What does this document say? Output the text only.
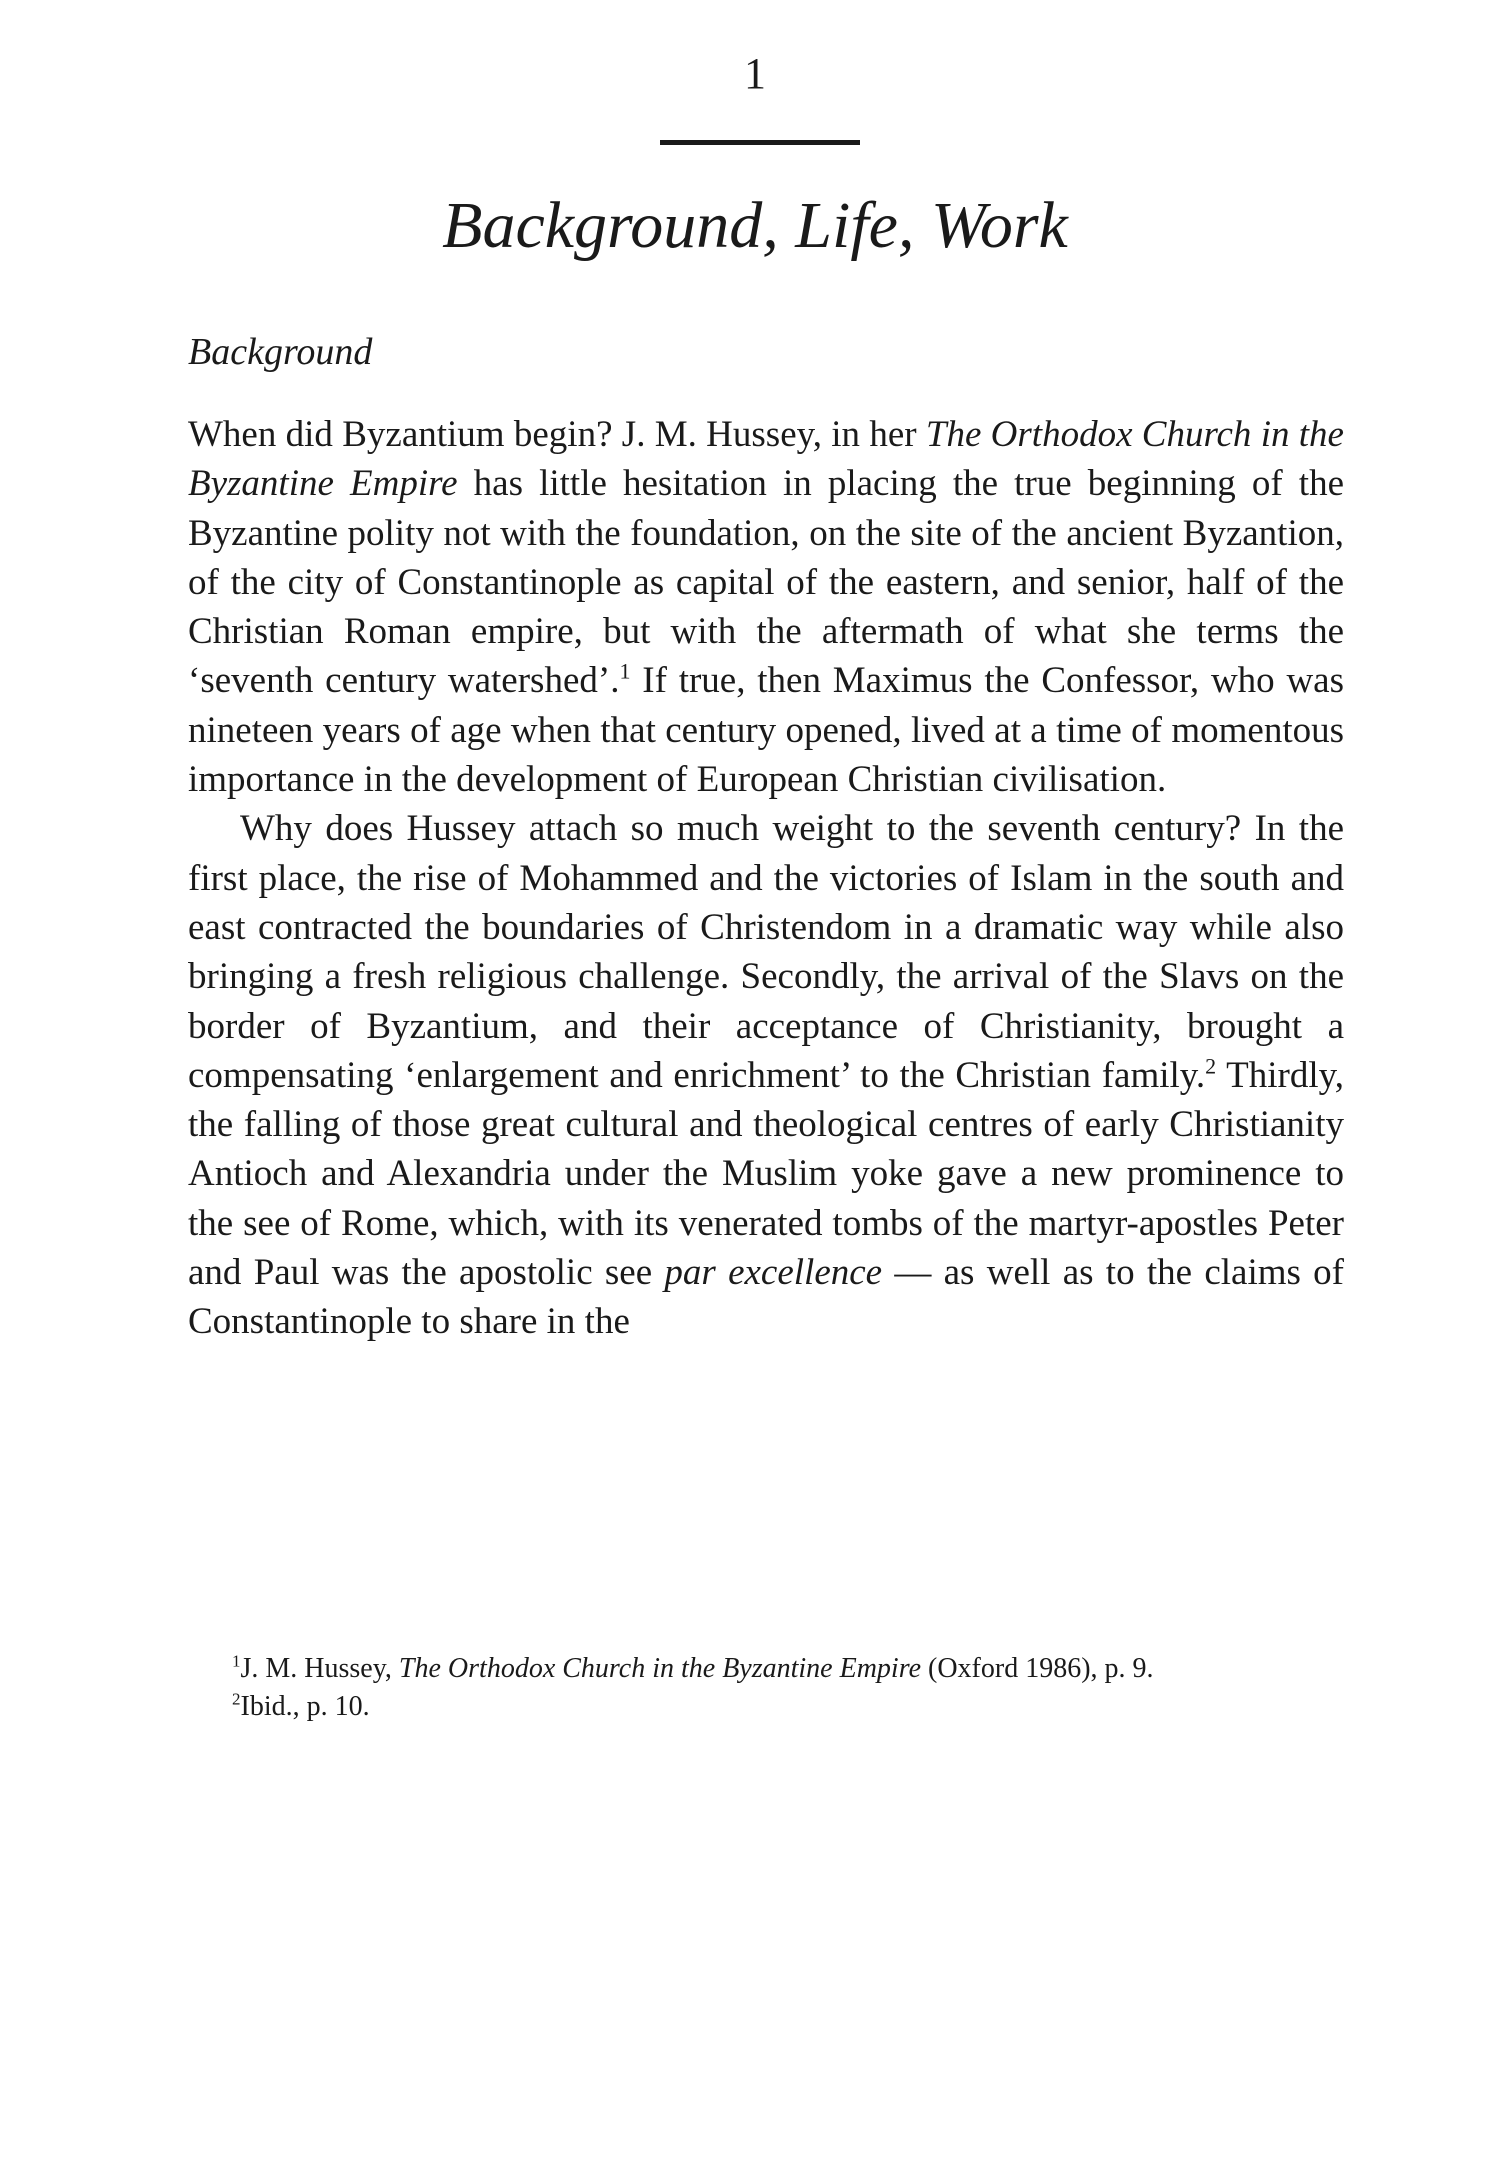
1
Background, Life, Work
Background

When did Byzantium begin? J. M. Hussey, in her The Orthodox Church in the Byzantine Empire has little hesitation in placing the true beginning of the Byzantine polity not with the foundation, on the site of the ancient Byzantion, of the city of Constantinople as capital of the eastern, and senior, half of the Christian Roman empire, but with the aftermath of what she terms the ‘seventh century watershed’.$^1$ If true, then Maximus the Confessor, who was nineteen years of age when that century opened, lived at a time of momentous importance in the development of European Christian civilisation.

Why does Hussey attach so much weight to the seventh century? In the first place, the rise of Mohammed and the victories of Islam in the south and east contracted the boundaries of Christendom in a dramatic way while also bringing a fresh religious challenge. Secondly, the arrival of the Slavs on the border of Byzantium, and their acceptance of Christianity, brought a compensating ‘enlargement and enrichment’ to the Christian family.$^2$ Thirdly, the falling of those great cultural and theological centres of early Christianity Antioch and Alexandria under the Muslim yoke gave a new prominence to the see of Rome, which, with its venerated tombs of the martyr-apostles Peter and Paul was the apostolic see par excellence — as well as to the claims of Constantinople to share in the

$^1$J. M. Hussey, The Orthodox Church in the Byzantine Empire (Oxford 1986), p. 9.
$^2$Ibid., p. 10.
